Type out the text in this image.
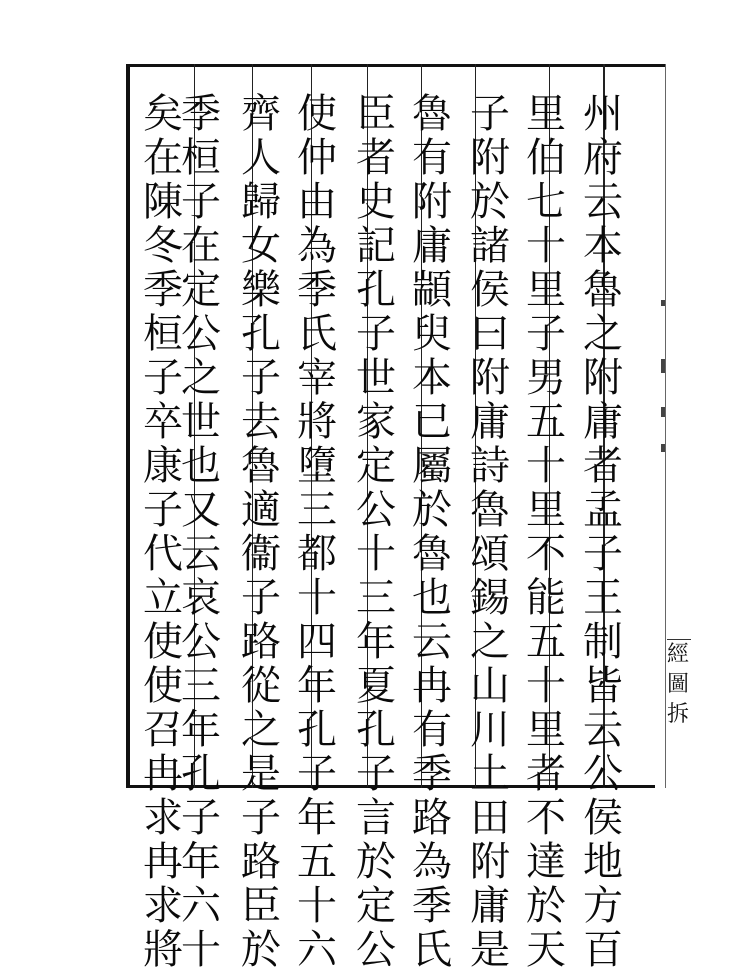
州
府
云
本
魯
之
附
庸
者
孟
子
王
制
皆
云
公
侯
地
方
百
里
伯
七
十
里
子
男
五
十
里
不
能
五
十
里
者
不
達
於
天
子
附
於
諸
侯
曰
附
庸
詩
魯
頌
錫
之
山
川
土
田
附
庸
是
魯
有
附
庸
顓
臾
本
已
屬
於
魯
也
云
冉
有
季
路
為
季
氏
臣
者
史
記
孔
子
世
家
定
公
十
三
年
夏
孔
子
言
於
定
公
使
仲
由
為
季
氏
宰
將
墮
三
都
十
四
年
孔
子
年
五
十
六
齊
人
歸
女
樂
孔
子
去
魯
適
衞
子
路
從
之
是
子
路
臣
於
季
桓
子
在
定
公
之
世
也
又
云
哀
公
三
年
孔
子
年
六
十
矣
在
陳
冬
季
桓
子
卒
康
子
代
立
使
使
召
冉
求
冉
求
將
經
圖
拆
